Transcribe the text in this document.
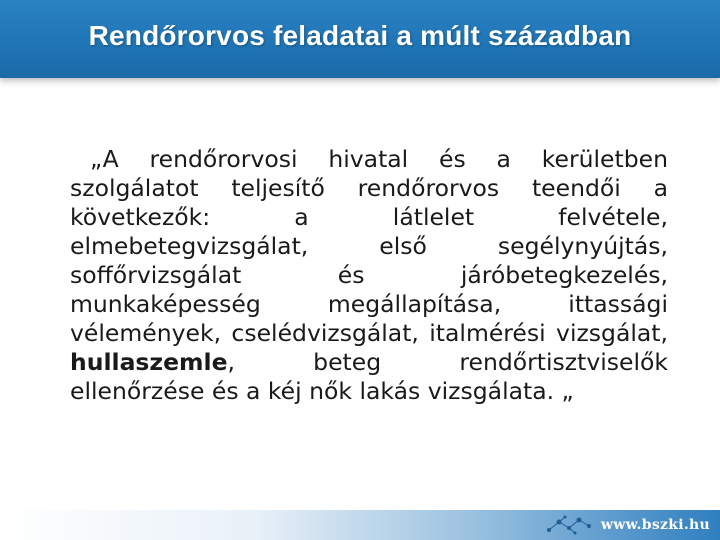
Rendőrorvos feladatai a múlt században

„A rendőrorvosi hivatal és a kerületben szolgálatot teljesítő rendőrorvos teendői a következők: a látlelet felvétele, elmebetegvizsgálat, első segélynyújtás, soffőrvizsgálat és járóbetegkezelés, munkaképesség megállapítása, ittassági vélemények, cselédvizsgálat, italmérési vizsgálat, hullaszemle, beteg rendőrtisztviselők ellenőrzése és a kéj nők lakás vizsgálata. „

www.bszki.hu
